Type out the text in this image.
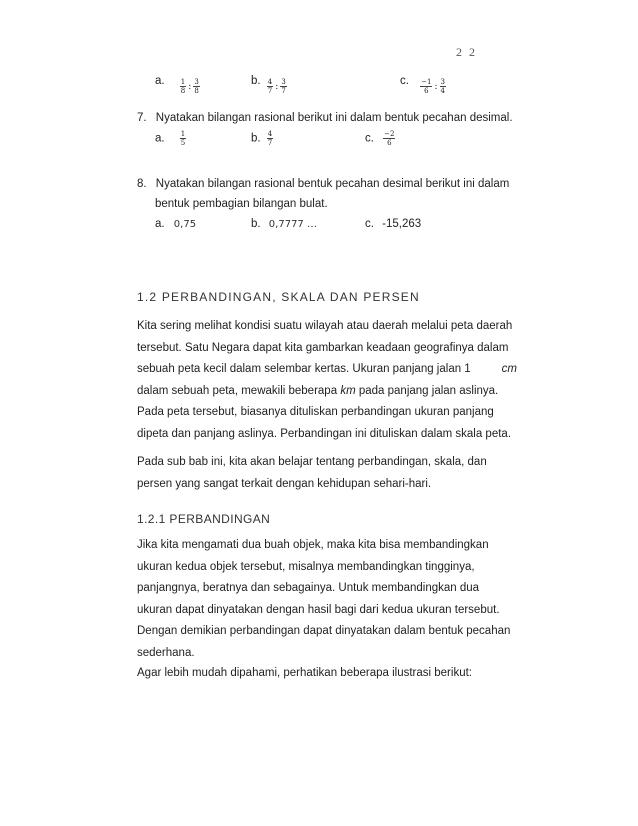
2 2
a. $\frac{1}{8}$ : $\frac{3}{8}$	b. $\frac{4}{7}$ : $\frac{3}{7}$	c. $\frac{-1}{6}$ : $\frac{3}{4}$
7. Nyatakan bilangan rasional berikut ini dalam bentuk pecahan desimal.
a. $\frac{1}{5}$	b. $\frac{4}{7}$	c. $\frac{-2}{6}$
8. Nyatakan bilangan rasional bentuk pecahan desimal berikut ini dalam
bentuk pembagian bilangan bulat.
a. 0,75	b. 0,7777 …	c. -15,263
1.2 PERBANDINGAN, SKALA DAN PERSEN
Kita sering melihat kondisi suatu wilayah atau daerah melalui peta daerah
tersebut. Satu Negara dapat kita gambarkan keadaan geografinya dalam
sebuah peta kecil dalam selembar kertas. Ukuran panjang jalan 1	cm
dalam sebuah peta, mewakili beberapa km pada panjang jalan aslinya.
Pada peta tersebut, biasanya dituliskan perbandingan ukuran panjang
dipeta dan panjang aslinya. Perbandingan ini dituliskan dalam skala peta.
Pada sub bab ini, kita akan belajar tentang perbandingan, skala, dan
persen yang sangat terkait dengan kehidupan sehari-hari.
1.2.1 PERBANDINGAN
Jika kita mengamati dua buah objek, maka kita bisa membandingkan
ukuran kedua objek tersebut, misalnya membandingkan tingginya,
panjangnya, beratnya dan sebagainya. Untuk membandingkan dua
ukuran dapat dinyatakan dengan hasil bagi dari kedua ukuran tersebut.
Dengan demikian perbandingan dapat dinyatakan dalam bentuk pecahan
sederhana.
Agar lebih mudah dipahami, perhatikan beberapa ilustrasi berikut:
